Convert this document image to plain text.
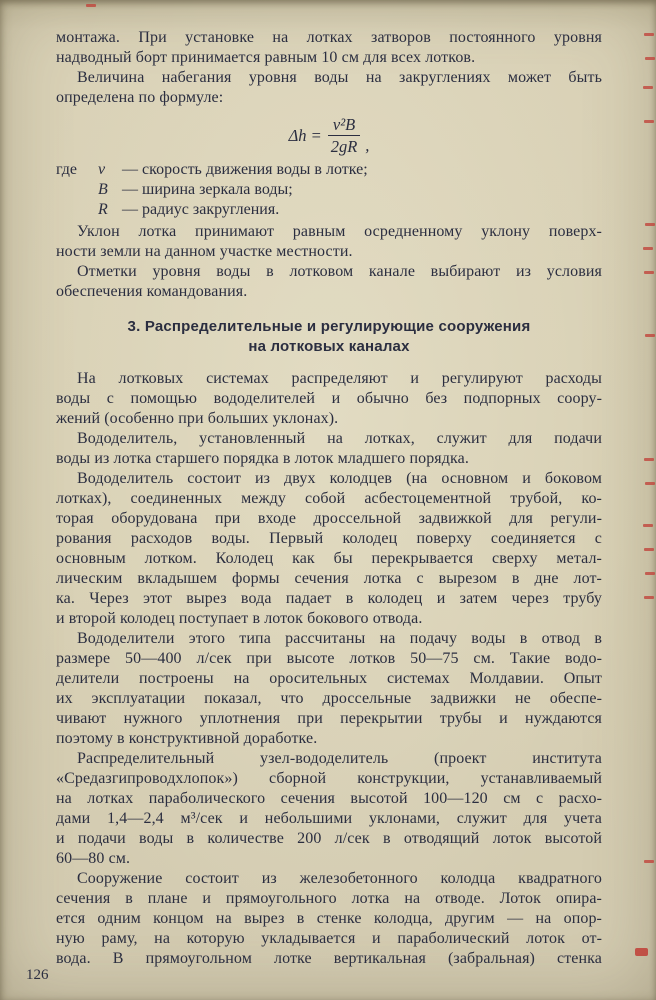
монтажа. При установке на лотках затворов постоянного уровня
надводный борт принимается равным 10 см для всех лотков.

Величина набегания уровня воды на закруглениях может быть
определена по формуле:

$\Delta h = \frac{\text{v²B}}{2gR}$ ,
где	v	— скорость движения воды в лотке;
B — ширина зеркала воды;
R — радиус закругления.

Уклон лотка принимают равным осредненному уклону поверх-
ности земли на данном участке местности.

Отметки уровня воды в лотковом канале выбирают из условия
обеспечения командования.

3. Распределительные и регулирующие сооружения
на лотковых каналах

На лотковых системах распределяют и регулируют расходы
воды с помощью вододелителей и обычно без подпорных соору-
жений (особенно при больших уклонах).

Вододелитель, установленный на лотках, служит для подачи
воды из лотка старшего порядка в лоток младшего порядка.

Вододелитель состоит из двух колодцев (на основном и боковом
лотках), соединенных между собой асбестоцементной трубой, ко-
торая оборудована при входе дроссельной задвижкой для регули-
рования расходов воды. Первый колодец поверху соединяется с
основным лотком. Колодец как бы перекрывается сверху метал-
лическим вкладышем формы сечения лотка с вырезом в дне лот-
ка. Через этот вырез вода падает в колодец и затем через трубу
и второй колодец поступает в лоток бокового отвода.

Вододелители этого типа рассчитаны на подачу воды в отвод в
размере 50—400 л/сек при высоте лотков 50—75 см. Такие водо-
делители построены на оросительных системах Молдавии. Опыт
их эксплуатации показал, что дроссельные задвижки не обеспе-
чивают нужного уплотнения при перекрытии трубы и нуждаются
поэтому в конструктивной доработке.

Распределительный узел-вододелитель (проект института
«Средазгипроводхлопок») сборной конструкции, устанавливаемый
на лотках параболического сечения высотой 100—120 см с расхо-
дами 1,4—2,4 м³/сек и небольшими уклонами, служит для учета
и подачи воды в количестве 200 л/сек в отводящий лоток высотой
60—80 см.

Сооружение состоит из железобетонного колодца квадратного
сечения в плане и прямоугольного лотка на отводе. Лоток опира-
ется одним концом на вырез в стенке колодца, другим — на опор-
ную раму, на которую укладывается и параболический лоток от-
вода. В прямоугольном лотке вертикальная (забральная) стенка

126
